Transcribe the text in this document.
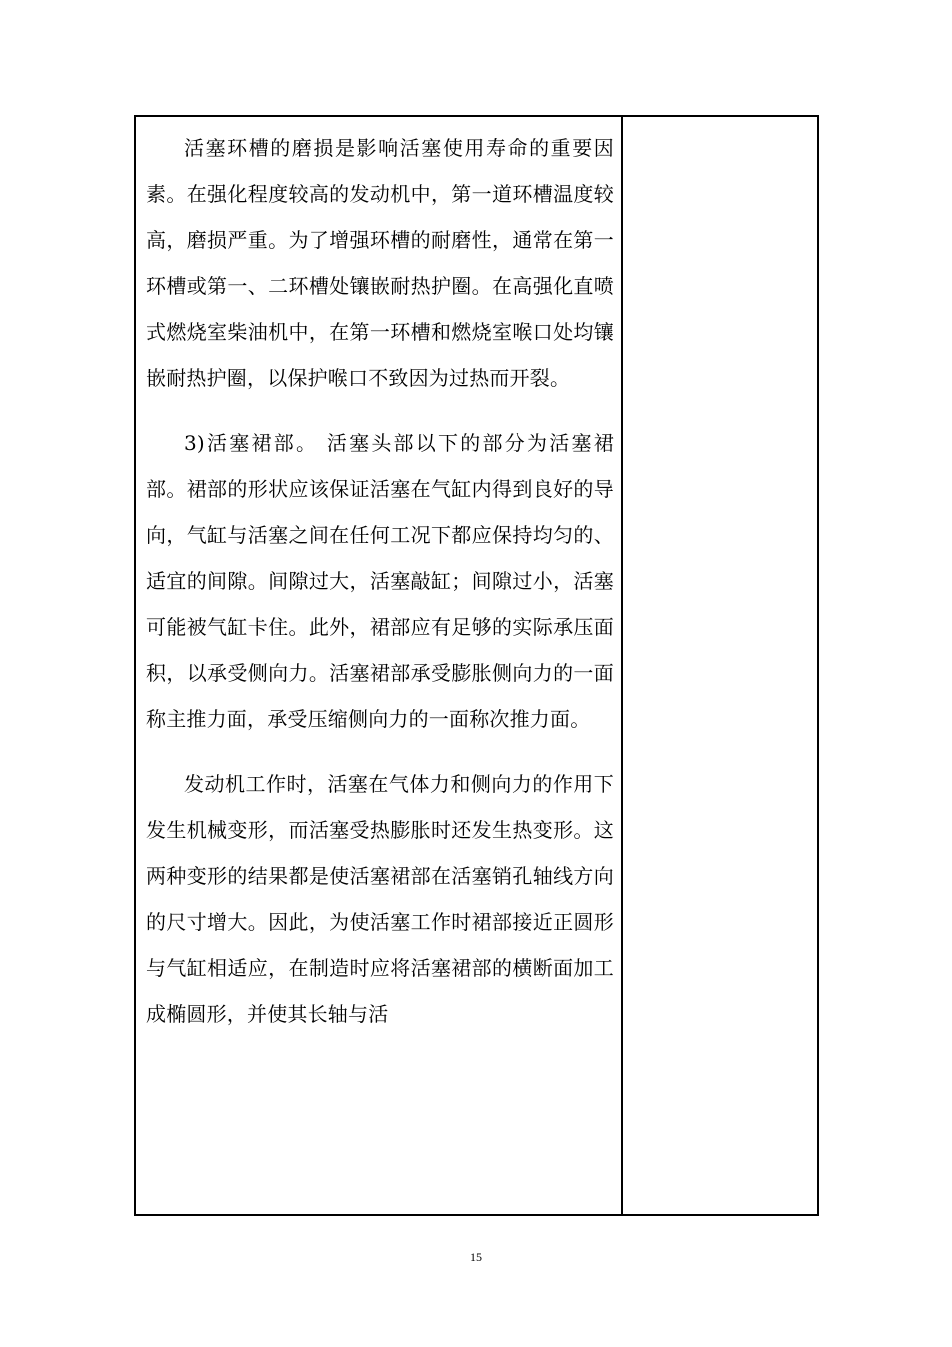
活塞环槽的磨损是影响活塞使用寿命的重要因素。在强化程度较高的发动机中，第一道环槽温度较高，磨损严重。为了增强环槽的耐磨性，通常在第一环槽或第一、二环槽处镶嵌耐热护圈。在高强化直喷式燃烧室柴油机中，在第一环槽和燃烧室喉口处均镶嵌耐热护圈，以保护喉口不致因为过热而开裂。

3)活塞裙部。 活塞头部以下的部分为活塞裙部。裙部的形状应该保证活塞在气缸内得到良好的导向，气缸与活塞之间在任何工况下都应保持均匀的、适宜的间隙。间隙过大，活塞敲缸；间隙过小，活塞可能被气缸卡住。此外，裙部应有足够的实际承压面积，以承受侧向力。活塞裙部承受膨胀侧向力的一面称主推力面，承受压缩侧向力的一面称次推力面。

发动机工作时，活塞在气体力和侧向力的作用下发生机械变形，而活塞受热膨胀时还发生热变形。这两种变形的结果都是使活塞裙部在活塞销孔轴线方向的尺寸增大。因此，为使活塞工作时裙部接近正圆形与气缸相适应，在制造时应将活塞裙部的横断面加工成椭圆形，并使其长轴与活

15
